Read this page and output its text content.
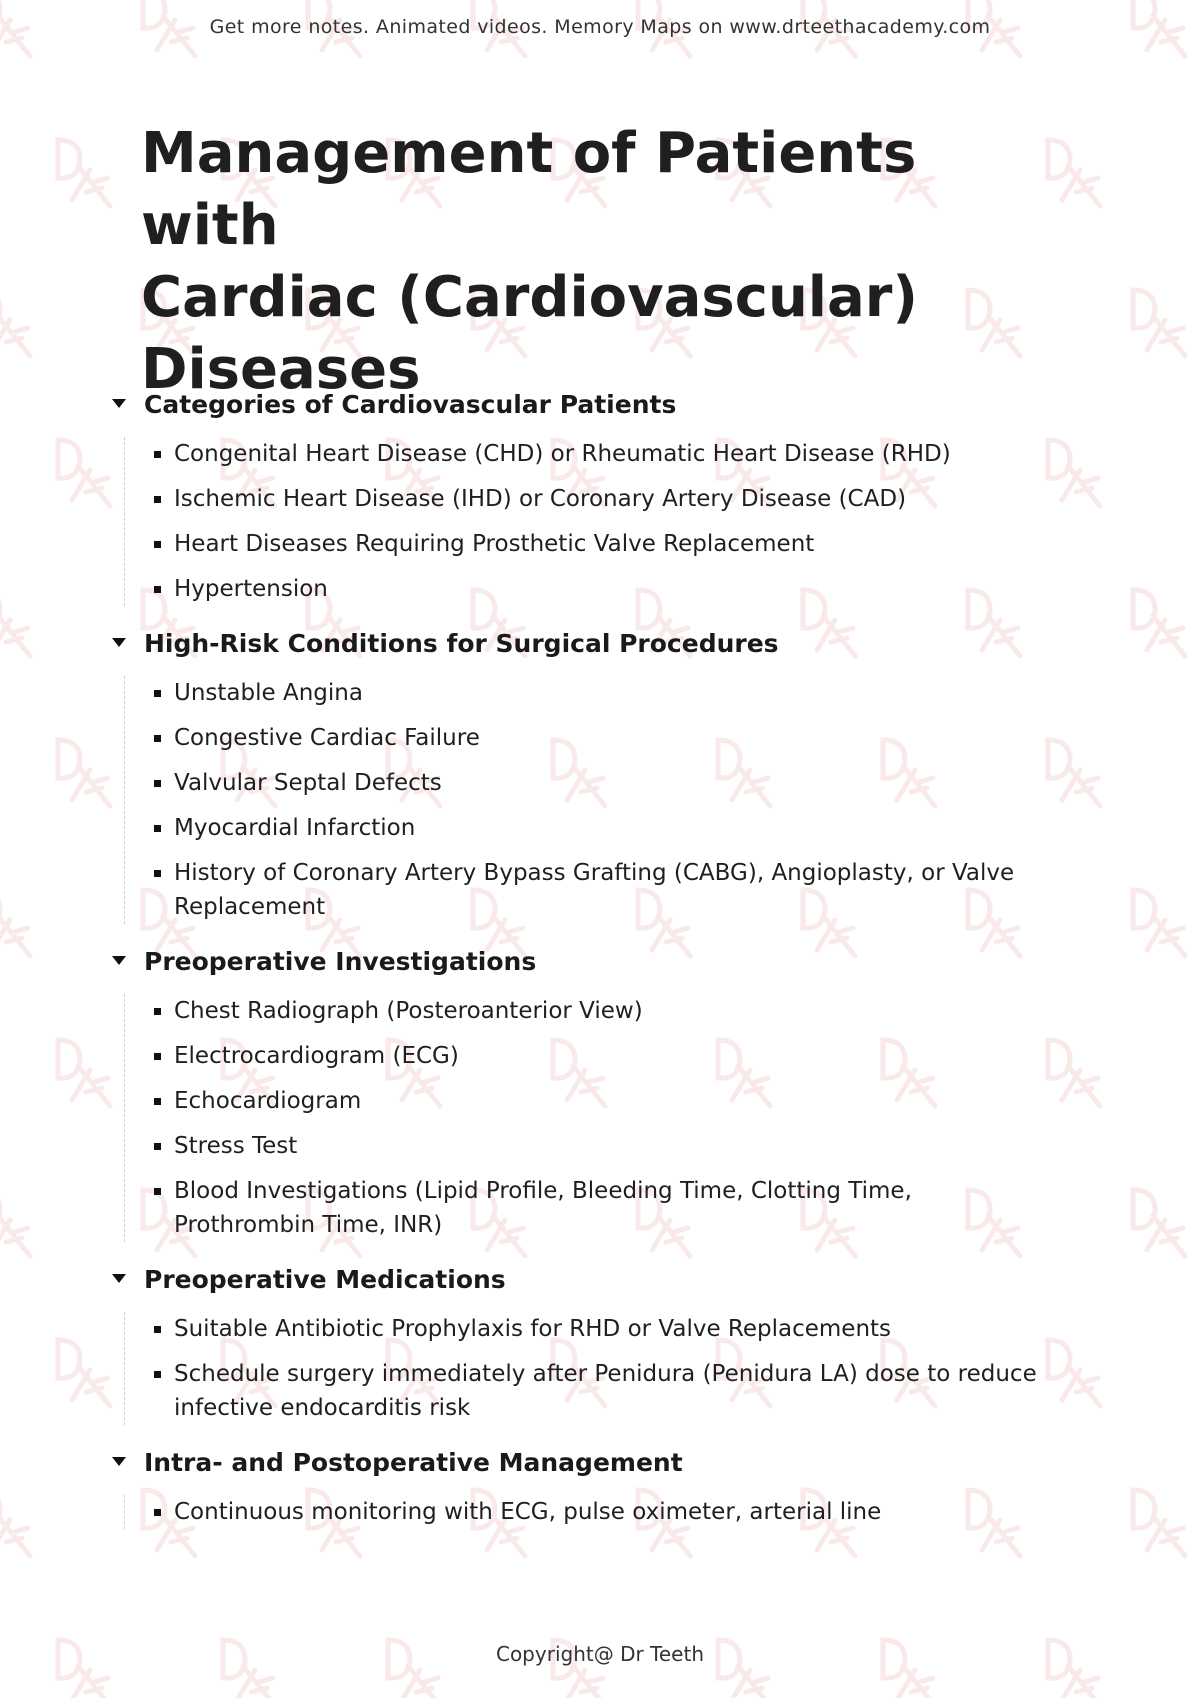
Get more notes. Animated videos. Memory Maps on www.drteethacademy.com
Management of Patients with
Cardiac (Cardiovascular)
Diseases
Categories of Cardiovascular Patients
Congenital Heart Disease (CHD) or Rheumatic Heart Disease (RHD)
Ischemic Heart Disease (IHD) or Coronary Artery Disease (CAD)
Heart Diseases Requiring Prosthetic Valve Replacement
Hypertension
High-Risk Conditions for Surgical Procedures
Unstable Angina
Congestive Cardiac Failure
Valvular Septal Defects
Myocardial Infarction
History of Coronary Artery Bypass Grafting (CABG), Angioplasty, or Valve Replacement
Preoperative Investigations
Chest Radiograph (Posteroanterior View)
Electrocardiogram (ECG)
Echocardiogram
Stress Test
Blood Investigations (Lipid Profile, Bleeding Time, Clotting Time, Prothrombin Time, INR)
Preoperative Medications
Suitable Antibiotic Prophylaxis for RHD or Valve Replacements
Schedule surgery immediately after Penidura (Penidura LA) dose to reduce infective endocarditis risk
Intra- and Postoperative Management
Continuous monitoring with ECG, pulse oximeter, arterial line
Copyright@ Dr Teeth
